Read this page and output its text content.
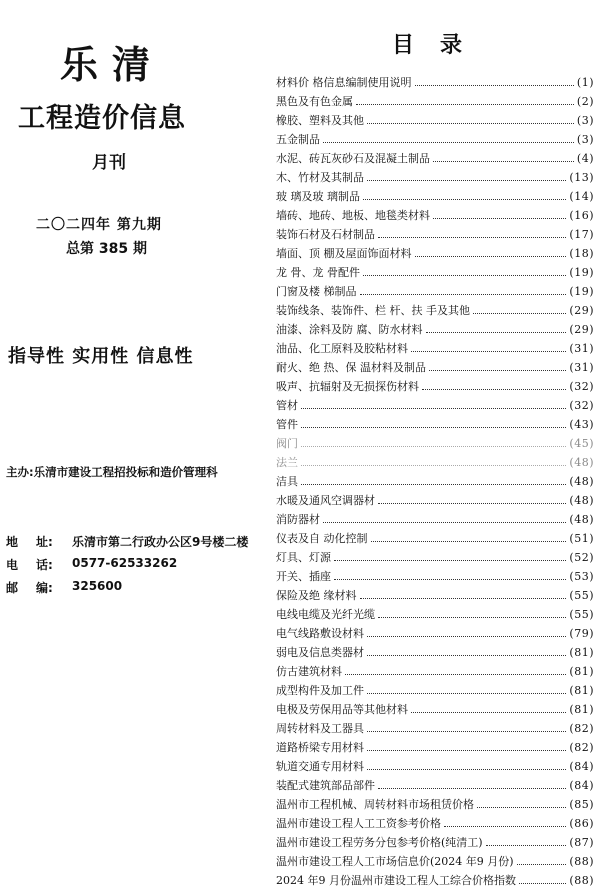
乐清
工程造价信息
月刊
二〇二四年 第九期
总第 385 期
指导性 实用性 信息性
主办:乐清市建设工程招投标和造价管理科
地	址:	乐清市第二行政办公区9号楼二楼
电	话:	0577-62533262
邮	编:	325600
目录
材料价 格信息编制使用说明	(1)
黑色及有色金属	(2)
橡胶、塑料及其他	(3)
五金制品	(3)
水泥、砖瓦灰砂石及混凝土制品	(4)
木、竹材及其制品	(13)
玻 璃及玻 璃制品	(14)
墙砖、地砖、地板、地毯类材料	(16)
装饰石材及石材制品	(17)
墙面、顶 棚及屋面饰面材料	(18)
龙 骨、龙 骨配件	(19)
门窗及楼 梯制品	(19)
装饰线条、装饰件、栏 杆、扶 手及其他	(29)
油漆、涂料及防 腐、防水材料	(29)
油品、化工原料及胶粘材料	(31)
耐火、绝 热、保 温材料及制品	(31)
吸声、抗辐射及无损探伤材料	(32)
管材	(32)
管件	(43)
阀门	(45)
法兰	(48)
洁具	(48)
水暖及通风空调器材	(48)
消防器材	(48)
仪表及自 动化控制	(51)
灯具、灯源	(52)
开关、插座	(53)
保险及绝 缘材料	(55)
电线电缆及光纤光缆	(55)
电气线路敷设材料	(79)
弱电及信息类器材	(81)
仿古建筑材料	(81)
成型构件及加工件	(81)
电极及劳保用品等其他材料	(81)
周转材料及工器具	(82)
道路桥梁专用材料	(82)
轨道交通专用材料	(84)
装配式建筑部品部件	(84)
温州市工程机械、周转材料市场租赁价格	(85)
温州市建设工程人工工资参考价格	(86)
温州市建设工程劳务分包参考价格(纯清工)	(87)
温州市建设工程人工市场信息价(2024 年9 月份)	(88)
2024 年9 月份温州市建设工程人工综合价格指数	(88)
